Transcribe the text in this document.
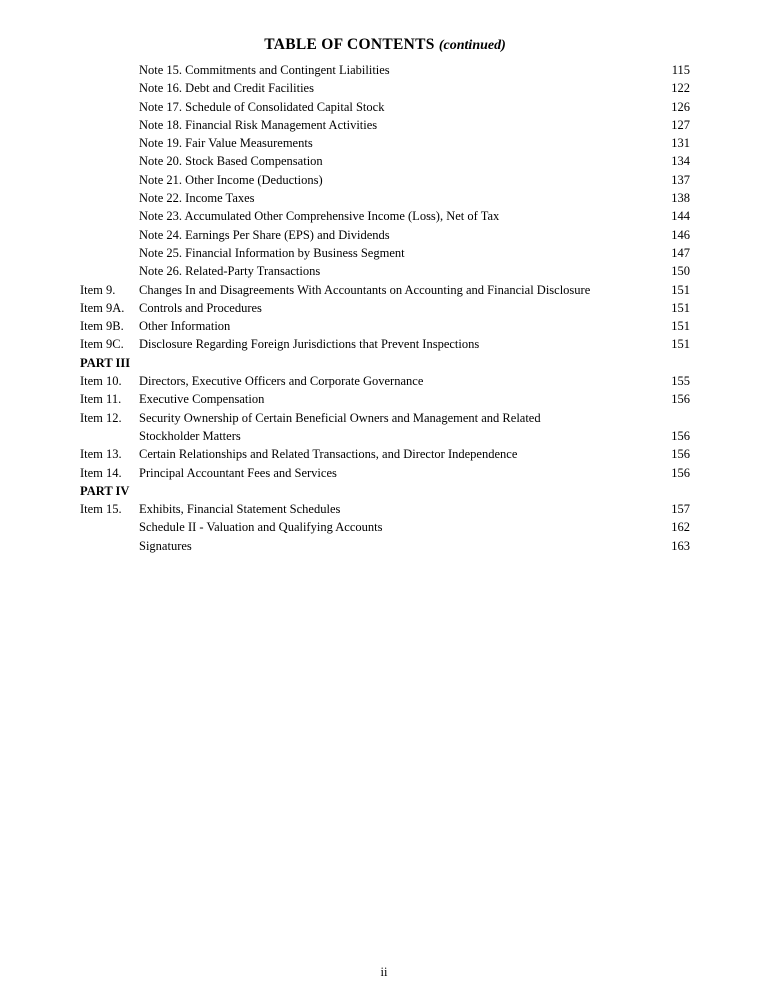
TABLE OF CONTENTS (continued)
Note 15. Commitments and Contingent Liabilities	115
Note 16. Debt and Credit Facilities	122
Note 17. Schedule of Consolidated Capital Stock	126
Note 18. Financial Risk Management Activities	127
Note 19. Fair Value Measurements	131
Note 20. Stock Based Compensation	134
Note 21. Other Income (Deductions)	137
Note 22. Income Taxes	138
Note 23. Accumulated Other Comprehensive Income (Loss), Net of Tax	144
Note 24. Earnings Per Share (EPS) and Dividends	146
Note 25. Financial Information by Business Segment	147
Note 26. Related-Party Transactions	150
Item 9.	Changes In and Disagreements With Accountants on Accounting and Financial Disclosure	151
Item 9A.	Controls and Procedures	151
Item 9B.	Other Information	151
Item 9C.	Disclosure Regarding Foreign Jurisdictions that Prevent Inspections	151
PART III
Item 10.	Directors, Executive Officers and Corporate Governance	155
Item 11.	Executive Compensation	156
Item 12.	Security Ownership of Certain Beneficial Owners and Management and Related
Stockholder Matters	156
Item 13.	Certain Relationships and Related Transactions, and Director Independence	156
Item 14.	Principal Accountant Fees and Services	156
PART IV
Item 15.	Exhibits, Financial Statement Schedules	157
Schedule II - Valuation and Qualifying Accounts	162
Signatures	163
ii
